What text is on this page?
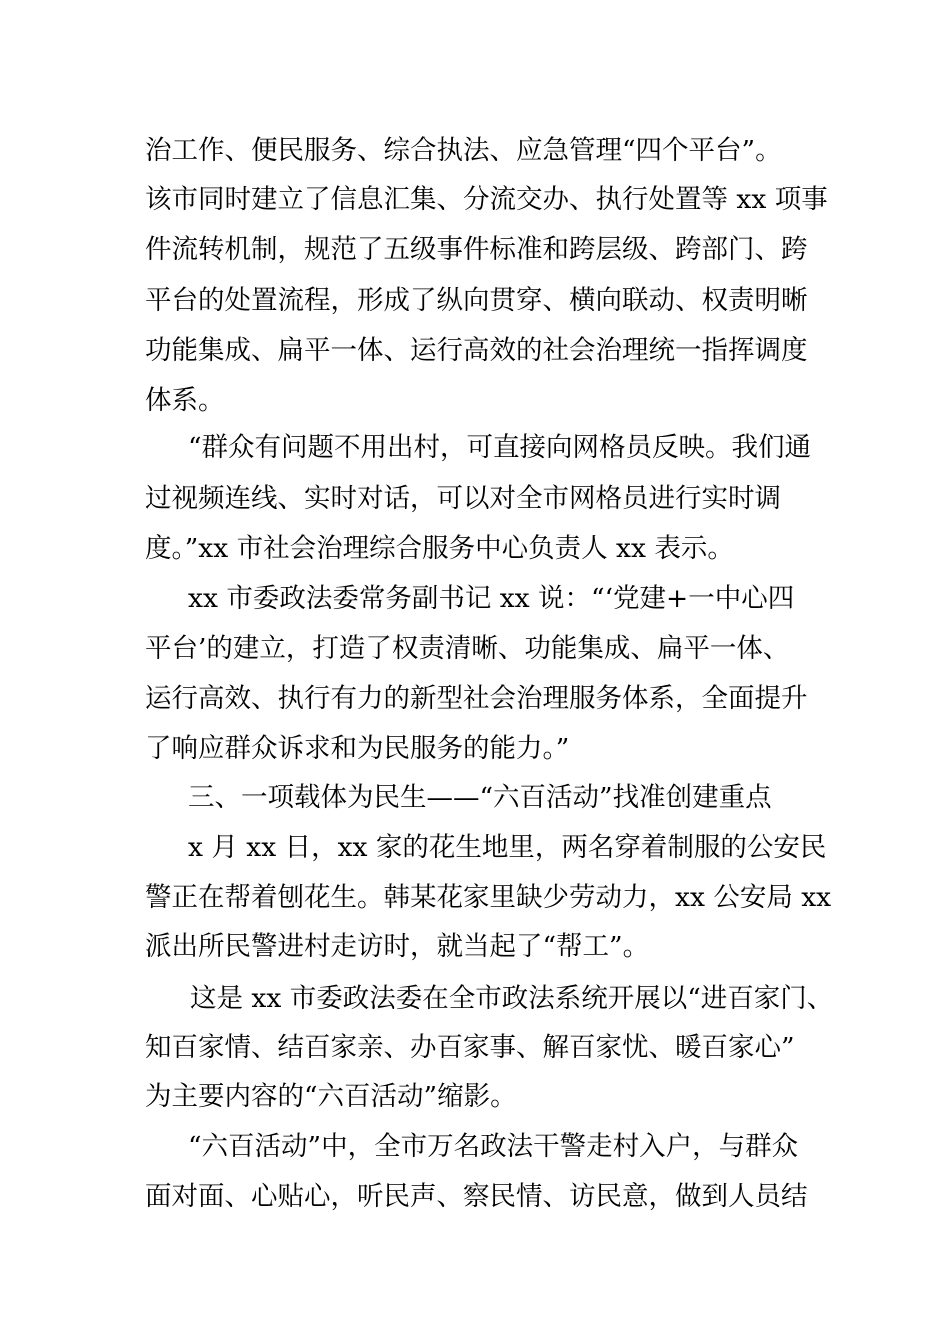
治工作、便民服务、综合执法、应急管理“四个平台”。
该市同时建立了信息汇集、分流交办、执行处置等 xx 项事
件流转机制，规范了五级事件标准和跨层级、跨部门、跨
平台的处置流程，形成了纵向贯穿、横向联动、权责明晰
功能集成、扁平一体、运行高效的社会治理统一指挥调度
体系。
“群众有问题不用出村，可直接向网格员反映。我们通
过视频连线、实时对话，可以对全市网格员进行实时调
度。”xx 市社会治理综合服务中心负责人 xx 表示。
xx 市委政法委常务副书记 xx 说：“‘党建+一中心四
平台’的建立，打造了权责清晰、功能集成、扁平一体、
运行高效、执行有力的新型社会治理服务体系，全面提升
了响应群众诉求和为民服务的能力。”
三、一项载体为民生——“六百活动”找准创建重点
x 月 xx 日，xx 家的花生地里，两名穿着制服的公安民
警正在帮着刨花生。韩某花家里缺少劳动力，xx 公安局 xx
派出所民警进村走访时，就当起了“帮工”。
这是 xx 市委政法委在全市政法系统开展以“进百家门、
知百家情、结百家亲、办百家事、解百家忧、暖百家心”
为主要内容的“六百活动”缩影。
“六百活动”中，全市万名政法干警走村入户，与群众
面对面、心贴心，听民声、察民情、访民意，做到人员结
